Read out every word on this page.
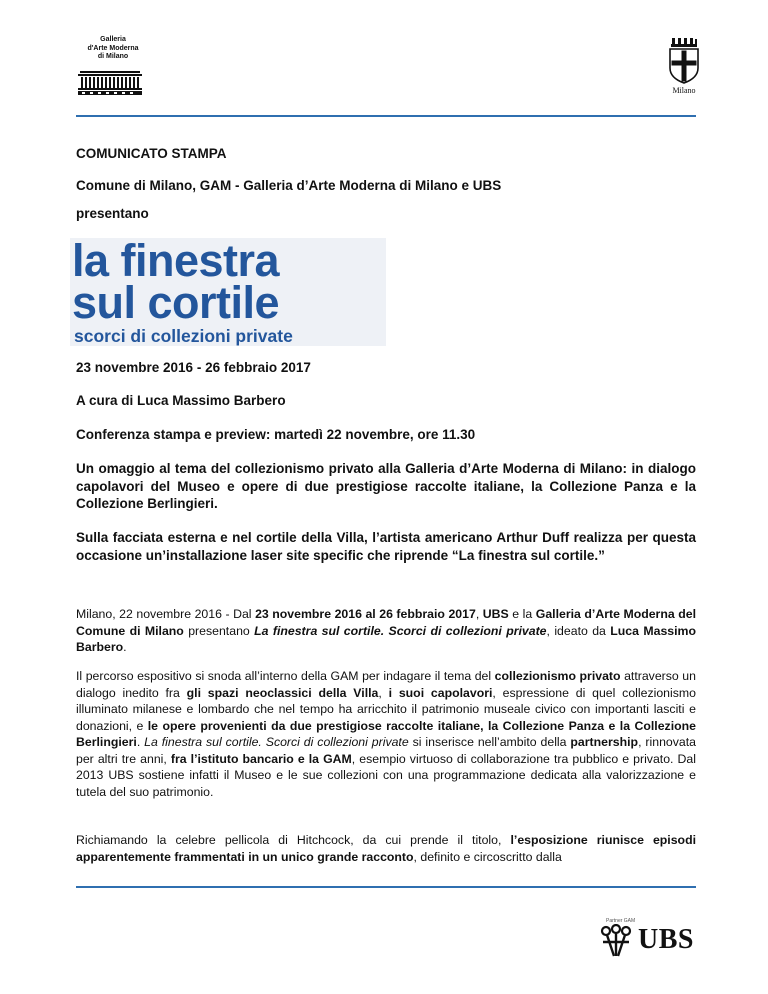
Galleria
d'Arte Moderna
di Milano
Milano
COMUNICATO STAMPA
Comune di Milano, GAM - Galleria d’Arte Moderna di Milano e UBS
presentano
la finestra
sul cortile
scorci di collezioni private
23 novembre 2016 - 26 febbraio 2017
A cura di Luca Massimo Barbero
Conferenza stampa e preview: martedì 22 novembre, ore 11.30
Un omaggio al tema del collezionismo privato alla Galleria d’Arte Moderna di Milano: in dialogo capolavori del Museo e opere di due prestigiose raccolte italiane, la Collezione Panza e la Collezione Berlingieri.
Sulla facciata esterna e nel cortile della Villa, l’artista americano Arthur Duff realizza per questa occasione un’installazione laser site specific che riprende “La finestra sul cortile.”
Milano, 22 novembre 2016 - Dal 23 novembre 2016 al 26 febbraio 2017, UBS e la Galleria d’Arte Moderna del Comune di Milano presentano La finestra sul cortile. Scorci di collezioni private, ideato da Luca Massimo Barbero.
Il percorso espositivo si snoda all’interno della GAM per indagare il tema del collezionismo privato attraverso un dialogo inedito fra gli spazi neoclassici della Villa, i suoi capolavori, espressione di quel collezionismo illuminato milanese e lombardo che nel tempo ha arricchito il patrimonio museale civico con importanti lasciti e donazioni, e le opere provenienti da due prestigiose raccolte italiane, la Collezione Panza e la Collezione Berlingieri. La finestra sul cortile. Scorci di collezioni private si inserisce nell’ambito della partnership, rinnovata per altri tre anni, fra l’istituto bancario e la GAM, esempio virtuoso di collaborazione tra pubblico e privato. Dal 2013 UBS sostiene infatti il Museo e le sue collezioni con una programmazione dedicata alla valorizzazione e tutela del suo patrimonio.
Richiamando la celebre pellicola di Hitchcock, da cui prende il titolo, l’esposizione riunisce episodi apparentemente frammentati in un unico grande racconto, definito e circoscritto dalla
Partner GAM
UBS
